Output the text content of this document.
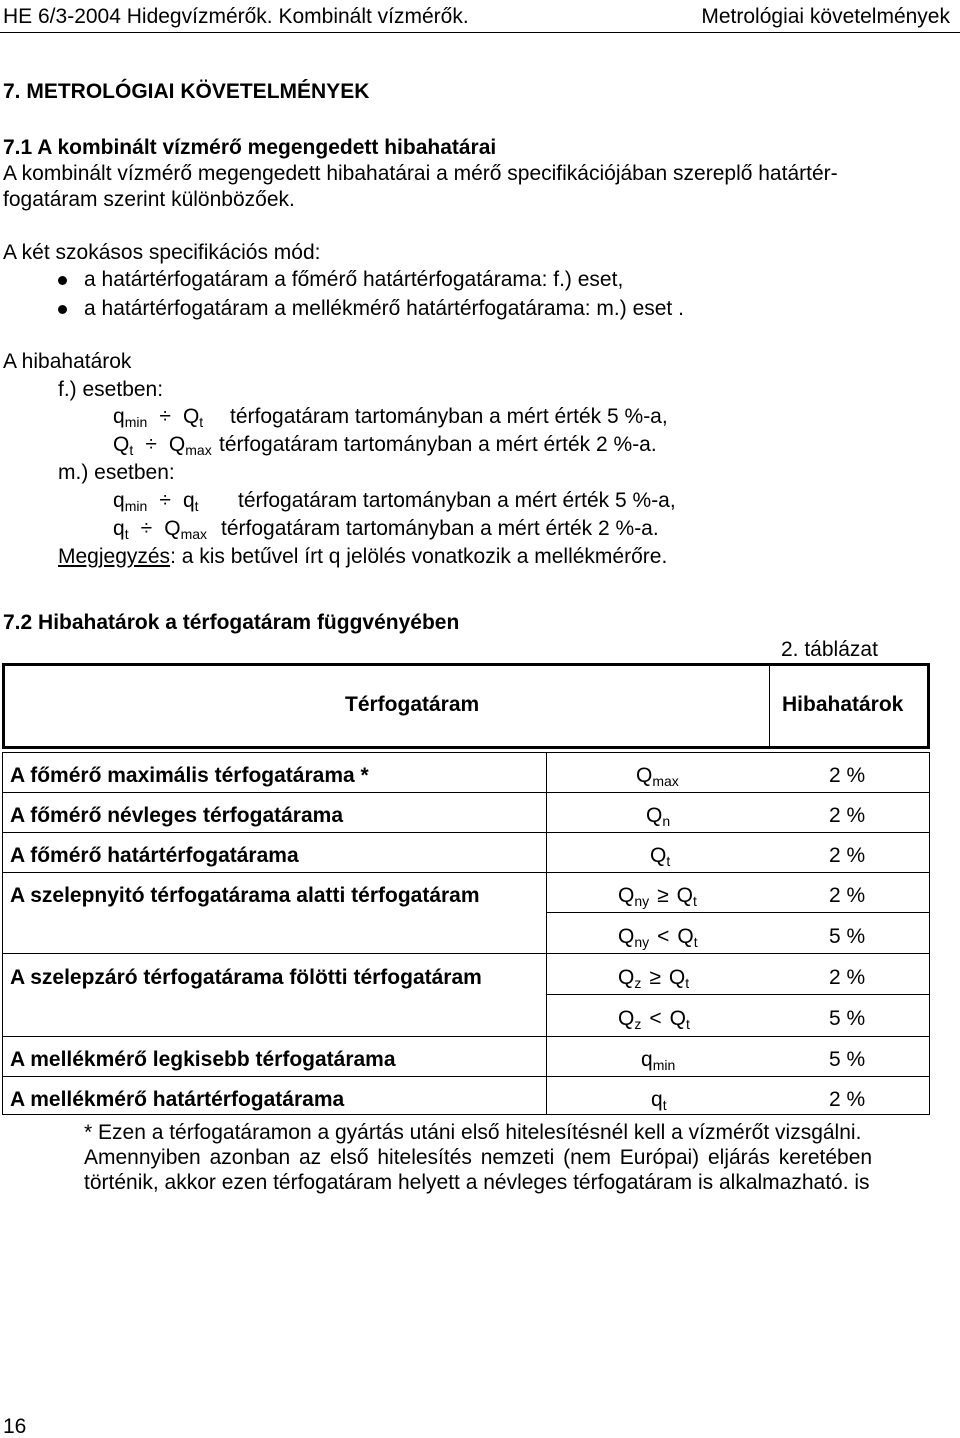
HE 6/3-2004 Hidegvízmérők. Kombinált vízmérők.	Metrológiai követelmények
7. METROLÓGIAI KÖVETELMÉNYEK
7.1 A kombinált vízmérő megengedett hibahatárai
A kombinált vízmérő megengedett hibahatárai a mérő specifikációjában szereplő határtér-
fogatáram szerint különbözőek.
A két szokásos specifikációs mód:
a határtérfogatáram a főmérő határtérfogatárama: f.) eset,
a határtérfogatáram a mellékmérő határtérfogatárama: m.) eset .
A hibahatárok
f.) esetben:
$q_{min} \div Q_t$ térfogatáram tartományban a mért érték 5 %-a,
$Q_t \div Q_{max}$ térfogatáram tartományban a mért érték 2 %-a.
m.) esetben:
$q_{min} \div q_t$ térfogatáram tartományban a mért érték 5 %-a,
$q_t \div Q_{max}$ térfogatáram tartományban a mért érték 2 %-a.
Megjegyzés: a kis betűvel írt q jelölés vonatkozik a mellékmérőre.
7.2 Hibahatárok a térfogatáram függvényében
2. táblázat
Térfogatáram	Hibahatárok
A főmérő maximális térfogatárama *	$Q_{max}$	2 %
A főmérő névleges térfogatárama	$Q_n$	2 %
A főmérő határtérfogatárama	$Q_t$	2 %
A szelepnyitó térfogatárama alatti térfogatáram	$Q_{ny} \ge Q_t$	2 %
$Q_{ny} < Q_t$	5 %
A szelepzáró térfogatárama fölötti térfogatáram	$Q_z \ge Q_t$	2 %
$Q_z < Q_t$	5 %
A mellékmérő legkisebb térfogatárama	$q_{min}$	5 %
A mellékmérő határtérfogatárama	$q_t$	2 %
* Ezen a térfogatáramon a gyártás utáni első hitelesítésnél kell a vízmérőt vizsgálni.
Amennyiben azonban az első hitelesítés nemzeti (nem Európai) eljárás keretében
történik, akkor ezen térfogatáram helyett a névleges térfogatáram is alkalmazható. is
16
